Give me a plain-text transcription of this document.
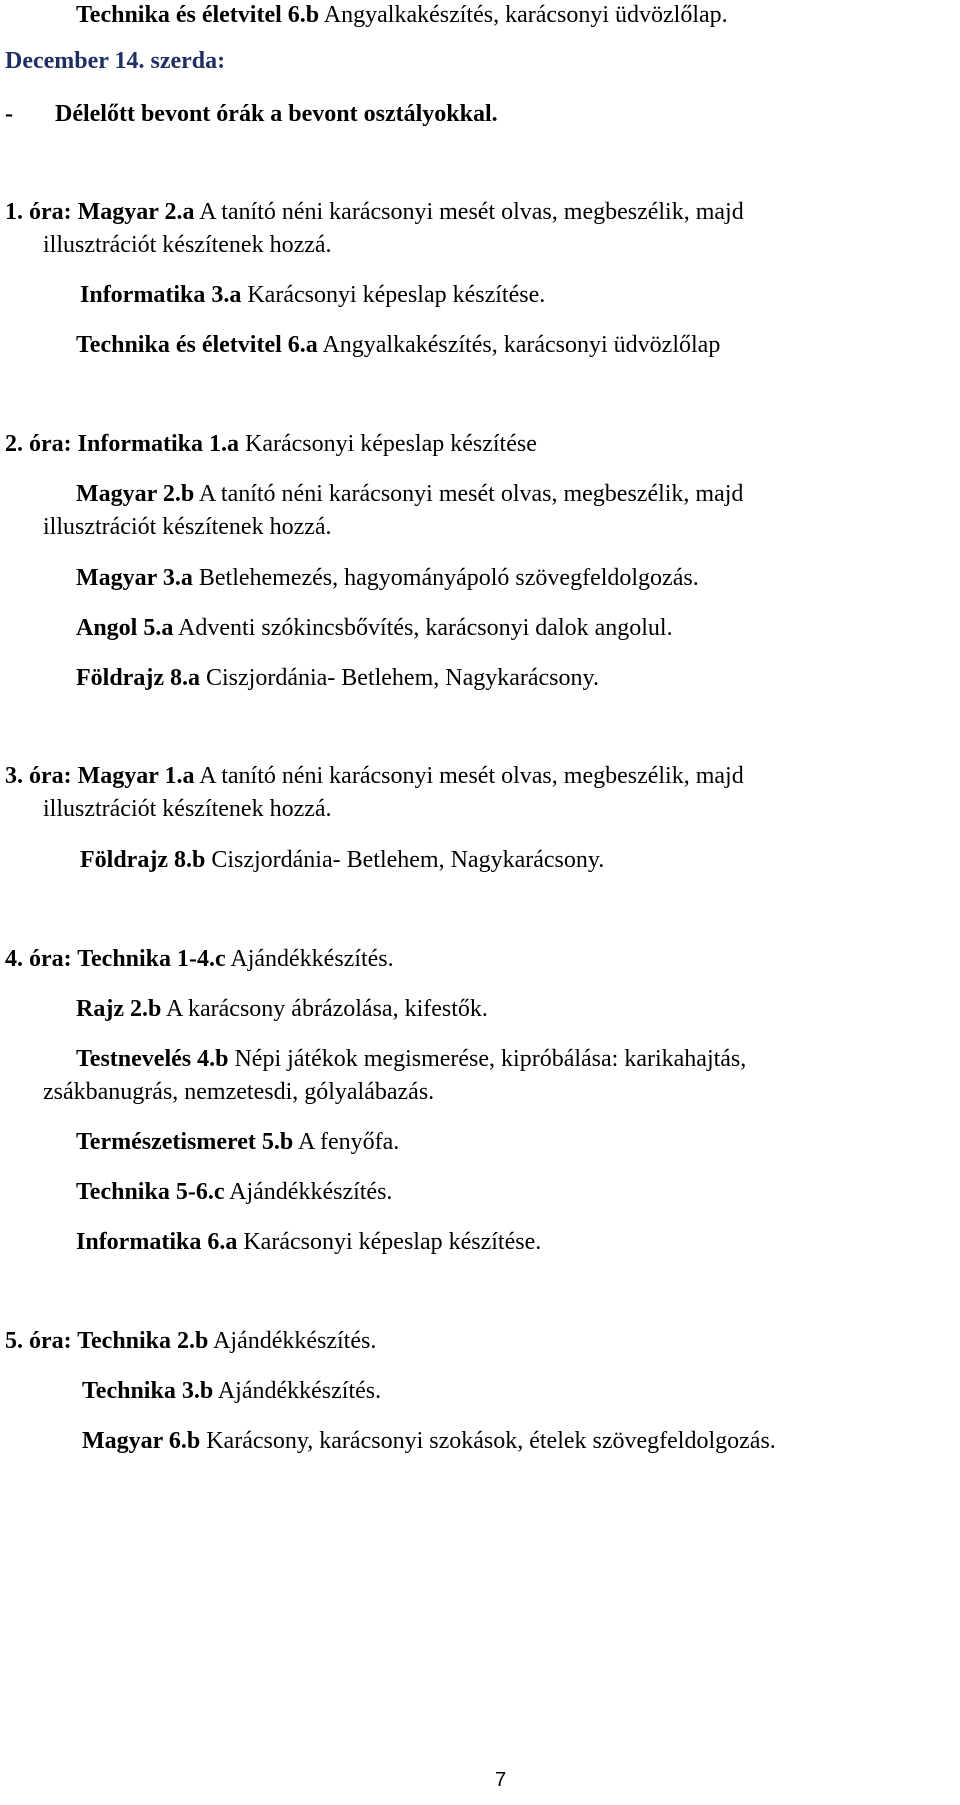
Technika és életvitel 6.b Angyalkakészítés, karácsonyi üdvözlőlap.

December 14. szerda:

-       Délelőtt bevont órák a bevont osztályokkal.

1. óra: Magyar 2.a A tanító néni karácsonyi mesét olvas, megbeszélik, majd

illusztrációt készítenek hozzá.

Informatika 3.a Karácsonyi képeslap készítése.

Technika és életvitel 6.a Angyalkakészítés, karácsonyi üdvözlőlap

2. óra: Informatika 1.a Karácsonyi képeslap készítése

Magyar 2.b A tanító néni karácsonyi mesét olvas, megbeszélik, majd

illusztrációt készítenek hozzá.

Magyar 3.a Betlehemezés, hagyományápoló szövegfeldolgozás.

Angol 5.a Adventi szókincsbővítés, karácsonyi dalok angolul.

Földrajz 8.a Ciszjordánia- Betlehem, Nagykarácsony.

3. óra: Magyar 1.a A tanító néni karácsonyi mesét olvas, megbeszélik, majd

illusztrációt készítenek hozzá.

Földrajz 8.b Ciszjordánia- Betlehem, Nagykarácsony.

4. óra: Technika 1-4.c Ajándékkészítés.

Rajz 2.b A karácsony ábrázolása, kifestők.

Testnevelés 4.b Népi játékok megismerése, kipróbálása: karikahajtás,

zsákbanugrás, nemzetesdi, gólyalábazás.

Természetismeret 5.b A fenyőfa.

Technika 5-6.c Ajándékkészítés.

Informatika 6.a Karácsonyi képeslap készítése.

5. óra: Technika 2.b Ajándékkészítés.

Technika 3.b Ajándékkészítés.

Magyar 6.b Karácsony, karácsonyi szokások, ételek szövegfeldolgozás.

7
